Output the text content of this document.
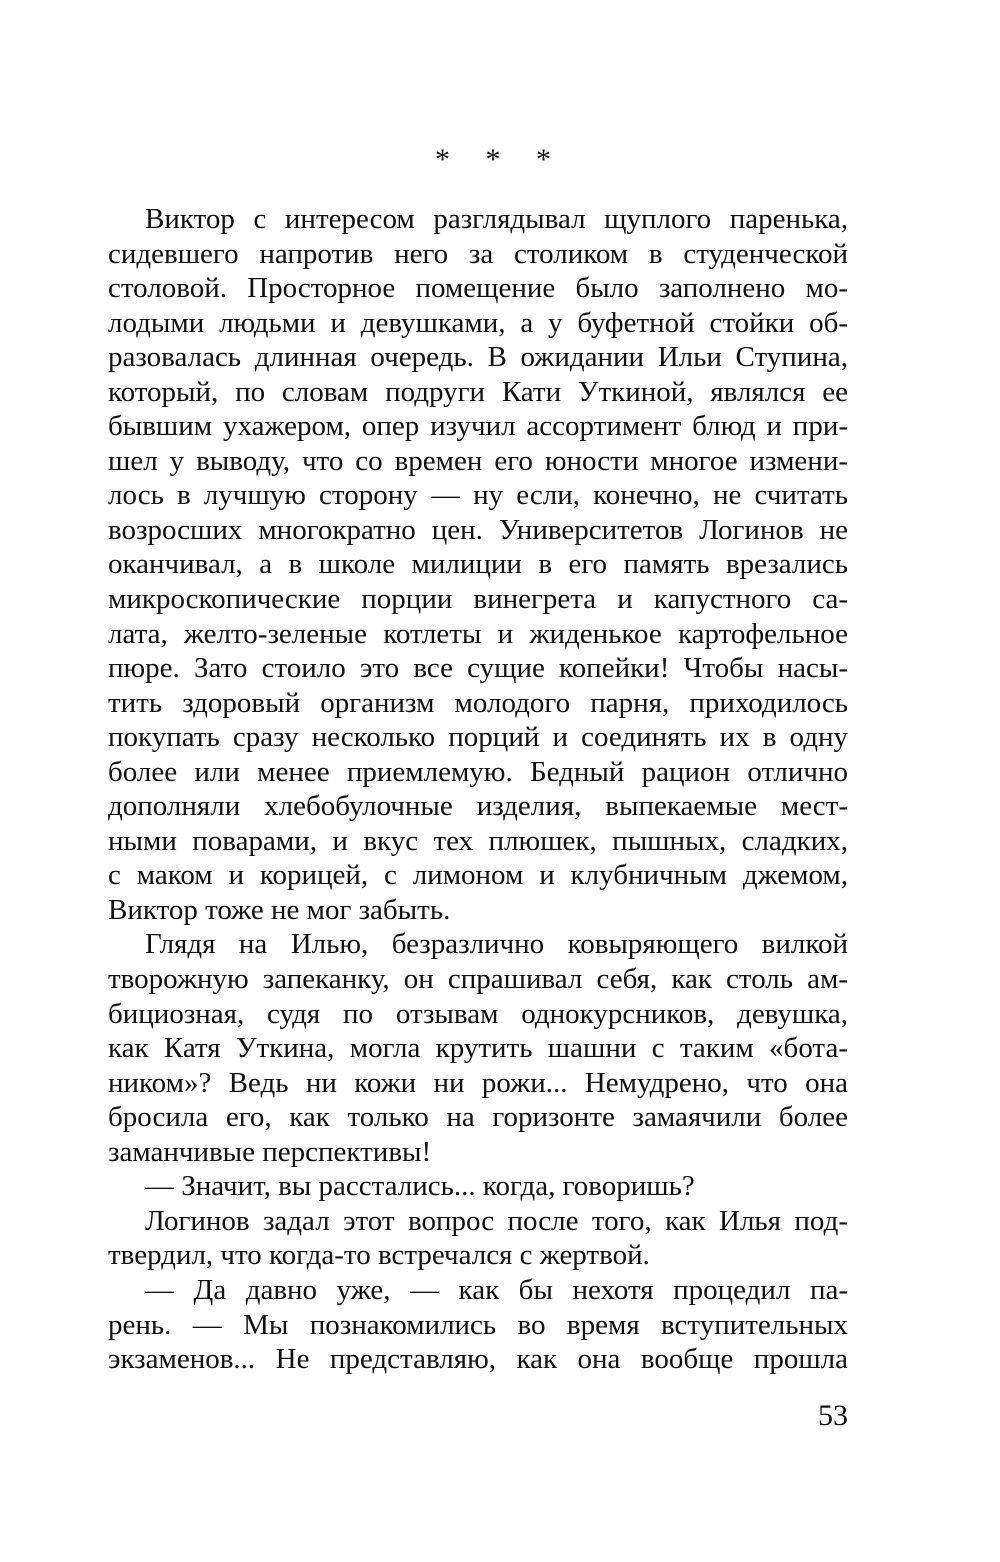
* * *
Виктор с интересом разглядывал щуплого паренька,
сидевшего напротив него за столиком в студенческой
столовой. Просторное помещение было заполнено мо-
лодыми людьми и девушками, а у буфетной стойки об-
разовалась длинная очередь. В ожидании Ильи Ступина,
который, по словам подруги Кати Уткиной, являлся ее
бывшим ухажером, опер изучил ассортимент блюд и при-
шел у выводу, что со времен его юности многое измени-
лось в лучшую сторону — ну если, конечно, не считать
возросших многократно цен. Университетов Логинов не
оканчивал, а в школе милиции в его память врезались
микроскопические порции винегрета и капустного са-
лата, желто-зеленые котлеты и жиденькое картофельное
пюре. Зато стоило это все сущие копейки! Чтобы насы-
тить здоровый организм молодого парня, приходилось
покупать сразу несколько порций и соединять их в одну
более или менее приемлемую. Бедный рацион отлично
дополняли хлебобулочные изделия, выпекаемые мест-
ными поварами, и вкус тех плюшек, пышных, сладких,
с маком и корицей, с лимоном и клубничным джемом,
Виктор тоже не мог забыть.
Глядя на Илью, безразлично ковыряющего вилкой
творожную запеканку, он спрашивал себя, как столь ам-
бициозная, судя по отзывам однокурсников, девушка,
как Катя Уткина, могла крутить шашни с таким «бота-
ником»? Ведь ни кожи ни рожи... Немудрено, что она
бросила его, как только на горизонте замаячили более
заманчивые перспективы!
— Значит, вы расстались... когда, говоришь?
Логинов задал этот вопрос после того, как Илья под-
твердил, что когда-то встречался с жертвой.
— Да давно уже, — как бы нехотя процедил па-
рень. — Мы познакомились во время вступительных
экзаменов... Не представляю, как она вообще прошла
53
